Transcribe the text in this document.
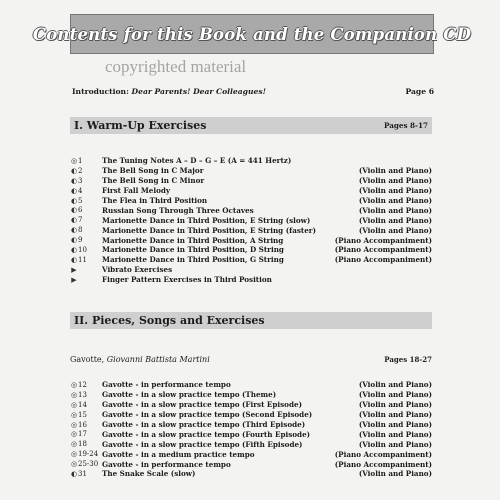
Contents for this Book and the Companion CD
copyrighted material
Introduction: Dear Parents! Dear Colleagues!	Page 6
I. Warm-Up Exercises	Pages 8-17
◎ 1	The Tuning Notes A – D – G – E (A = 441 Hertz)
◐ 2	The Bell Song in C Major	(Violin and Piano)
◐ 3	The Bell Song in C Minor	(Violin and Piano)
◐ 4	First Fall Melody	(Violin and Piano)
◐ 5	The Flea in Third Position	(Violin and Piano)
◐ 6	Russian Song Through Three Octaves	(Violin and Piano)
◐ 7	Marionette Dance in Third Position, E String (slow)	(Violin and Piano)
◐ 8	Marionette Dance in Third Position, E String (faster)	(Violin and Piano)
◐ 9	Marionette Dance in Third Position, A String	(Piano Accompaniment)
◐ 10	Marionette Dance in Third Position, D String	(Piano Accompaniment)
◐ 11	Marionette Dance in Third Position, G String	(Piano Accompaniment)
▶	Vibrato Exercises
▶	Finger Pattern Exercises in Third Position
II. Pieces, Songs and Exercises
Gavotte, Giovanni Battista Martini	Pages 18-27
◎ 12	Gavotte - in performance tempo	(Violin and Piano)
◎ 13	Gavotte - in a slow practice tempo (Theme)	(Violin and Piano)
◎ 14	Gavotte - in a slow practice tempo (First Episode)	(Violin and Piano)
◎ 15	Gavotte - in a slow practice tempo (Second Episode)	(Violin and Piano)
◎ 16	Gavotte - in a slow practice tempo (Third Episode)	(Violin and Piano)
◎ 17	Gavotte - in a slow practice tempo (Fourth Episode)	(Violin and Piano)
◎ 18	Gavotte - in a slow practice tempo (Fifth Episode)	(Violin and Piano)
◎ 19-24 Gavotte - in a medium practice tempo	(Piano Accompaniment)
◎ 25-30 Gavotte - in performance tempo	(Piano Accompaniment)
◐ 31	The Snake Scale (slow)	(Violin and Piano)
